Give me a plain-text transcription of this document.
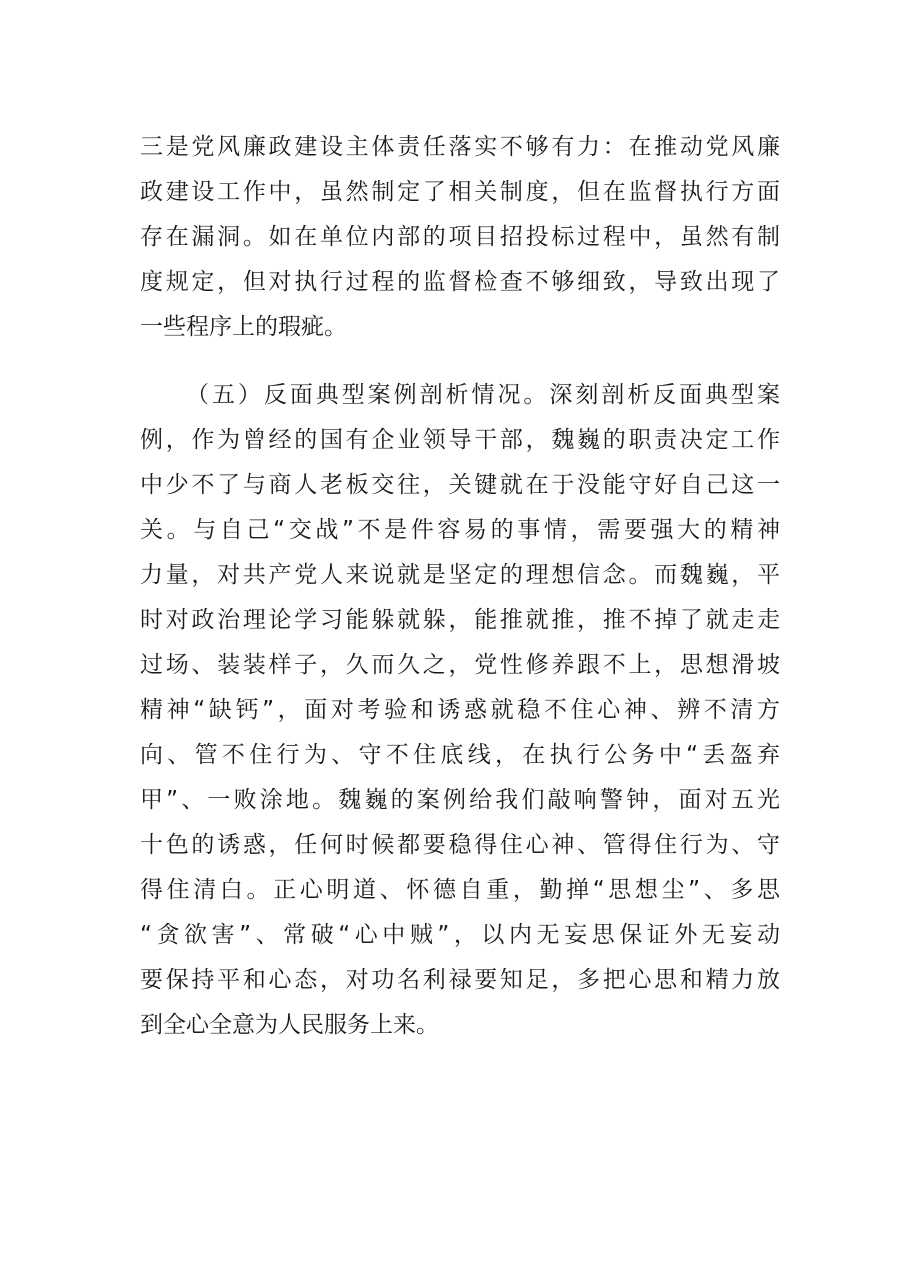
三是党风廉政建设主体责任落实不够有力：在推动党风廉
政建设工作中，虽然制定了相关制度，但在监督执行方面
存在漏洞。如在单位内部的项目招投标过程中，虽然有制
度规定，但对执行过程的监督检查不够细致，导致出现了
一些程序上的瑕疵。
（五）反面典型案例剖析情况。深刻剖析反面典型案
例，作为曾经的国有企业领导干部，魏巍的职责决定工作
中少不了与商人老板交往，关键就在于没能守好自己这一
关。与自己“交战”不是件容易的事情，需要强大的精神
力量，对共产党人来说就是坚定的理想信念。而魏巍，平
时对政治理论学习能躲就躲，能推就推，推不掉了就走走
过场、装装样子，久而久之，党性修养跟不上，思想滑坡
精神“缺钙”，面对考验和诱惑就稳不住心神、辨不清方
向、管不住行为、守不住底线，在执行公务中“丢盔弃
甲”、一败涂地。魏巍的案例给我们敲响警钟，面对五光
十色的诱惑，任何时候都要稳得住心神、管得住行为、守
得住清白。正心明道、怀德自重，勤掸“思想尘”、多思
“贪欲害”、常破“心中贼”，以内无妄思保证外无妄动
要保持平和心态，对功名利禄要知足，多把心思和精力放
到全心全意为人民服务上来。
